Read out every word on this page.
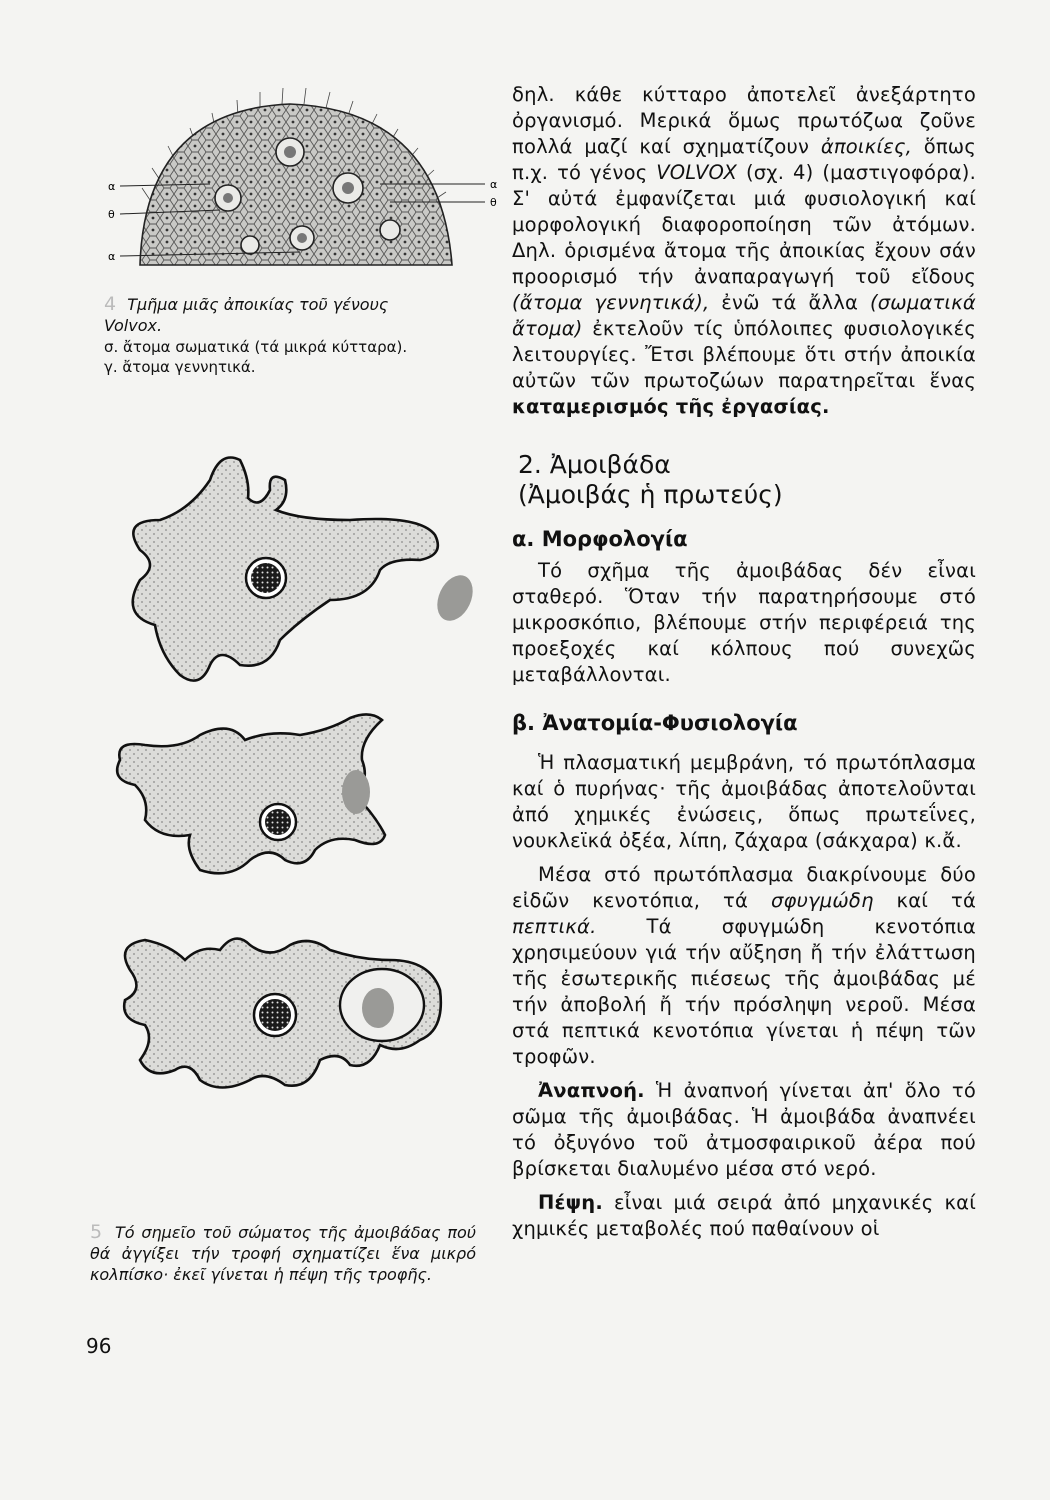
α
θ
α
α
θ
4 Τμῆμα μιᾶς ἀποικίας τοῦ γένους
Volvox.
σ. ἄτομα σωματικά (τά μικρά κύτταρα).
γ. ἄτομα γεννητικά.
5 Τό σημεῖο τοῦ σώματος τῆς ἀμοιβάδας πού θά ἀγγίξει τήν τροφή σχηματίζει ἕνα μικρό κολπίσκο· ἐκεῖ γίνεται ἡ πέψη τῆς τροφῆς.
96

δηλ. κάθε κύτταρο ἀποτελεῖ ἀνεξάρτητο ὀργανισμό. Μερικά ὅμως πρωτόζωα ζοῦνε πολλά μαζί καί σχηματίζουν ἀποικίες, ὅπως π.χ. τό γένος VOLVOX (σχ. 4) (μαστιγοφόρα). Σ' αὐτά ἐμφανίζεται μιά φυσιολογική καί μορφολογική διαφοροποίηση τῶν ἀτόμων. Δηλ. ὁρισμένα ἄτομα τῆς ἀποικίας ἔχουν σάν προορισμό τήν ἀναπαραγωγή τοῦ εἴδους (ἄτομα γεννητικά), ἐνῶ τά ἄλλα (σωματικά ἄτομα) ἐκτελοῦν τίς ὑπόλοιπες φυσιολογικές λειτουργίες. Ἔτσι βλέπουμε ὅτι στήν ἀποικία αὐτῶν τῶν πρωτοζώων παρατηρεῖται ἕνας καταμερισμός τῆς ἐργασίας.

2. Ἀμοιβάδα
(Ἀμοιβάς ἡ πρωτεύς)
α. Μορφολογία

Τό σχῆμα τῆς ἀμοιβάδας δέν εἶναι σταθερό. Ὅταν τήν παρατηρήσουμε στό μικροσκόπιο, βλέπουμε στήν περιφέρειά της προεξοχές καί κόλπους πού συνεχῶς μεταβάλλονται.

β. Ἀνατομία-Φυσιολογία

Ἡ πλασματική μεμβράνη, τό πρωτόπλασμα καί ὁ πυρήνας· τῆς ἀμοιβάδας ἀποτελοῦνται ἀπό χημικές ἐνώσεις, ὅπως πρωτεΐνες, νουκλεϊκά ὀξέα, λίπη, ζάχαρα (σάκχαρα) κ.ἄ.

Μέσα στό πρωτόπλασμα διακρίνουμε δύο εἰδῶν κενοτόπια, τά σφυγμώδη καί τά πεπτικά. Τά σφυγμώδη κενοτόπια χρησιμεύουν γιά τήν αὔξηση ἤ τήν ἐλάττωση τῆς ἐσωτερικῆς πιέσεως τῆς ἀμοιβάδας μέ τήν ἀποβολή ἤ τήν πρόσληψη νεροῦ. Μέσα στά πεπτικά κενοτόπια γίνεται ἡ πέψη τῶν τροφῶν.

Ἀναπνοή. Ἡ ἀναπνοή γίνεται ἀπ' ὅλο τό σῶμα τῆς ἀμοιβάδας. Ἡ ἀμοιβάδα ἀναπνέει τό ὀξυγόνο τοῦ ἀτμοσφαιρικοῦ ἀέρα πού βρίσκεται διαλυμένο μέσα στό νερό.

Πέψη. εἶναι μιά σειρά ἀπό μηχανικές καί χημικές μεταβολές πού παθαίνουν οἱ
